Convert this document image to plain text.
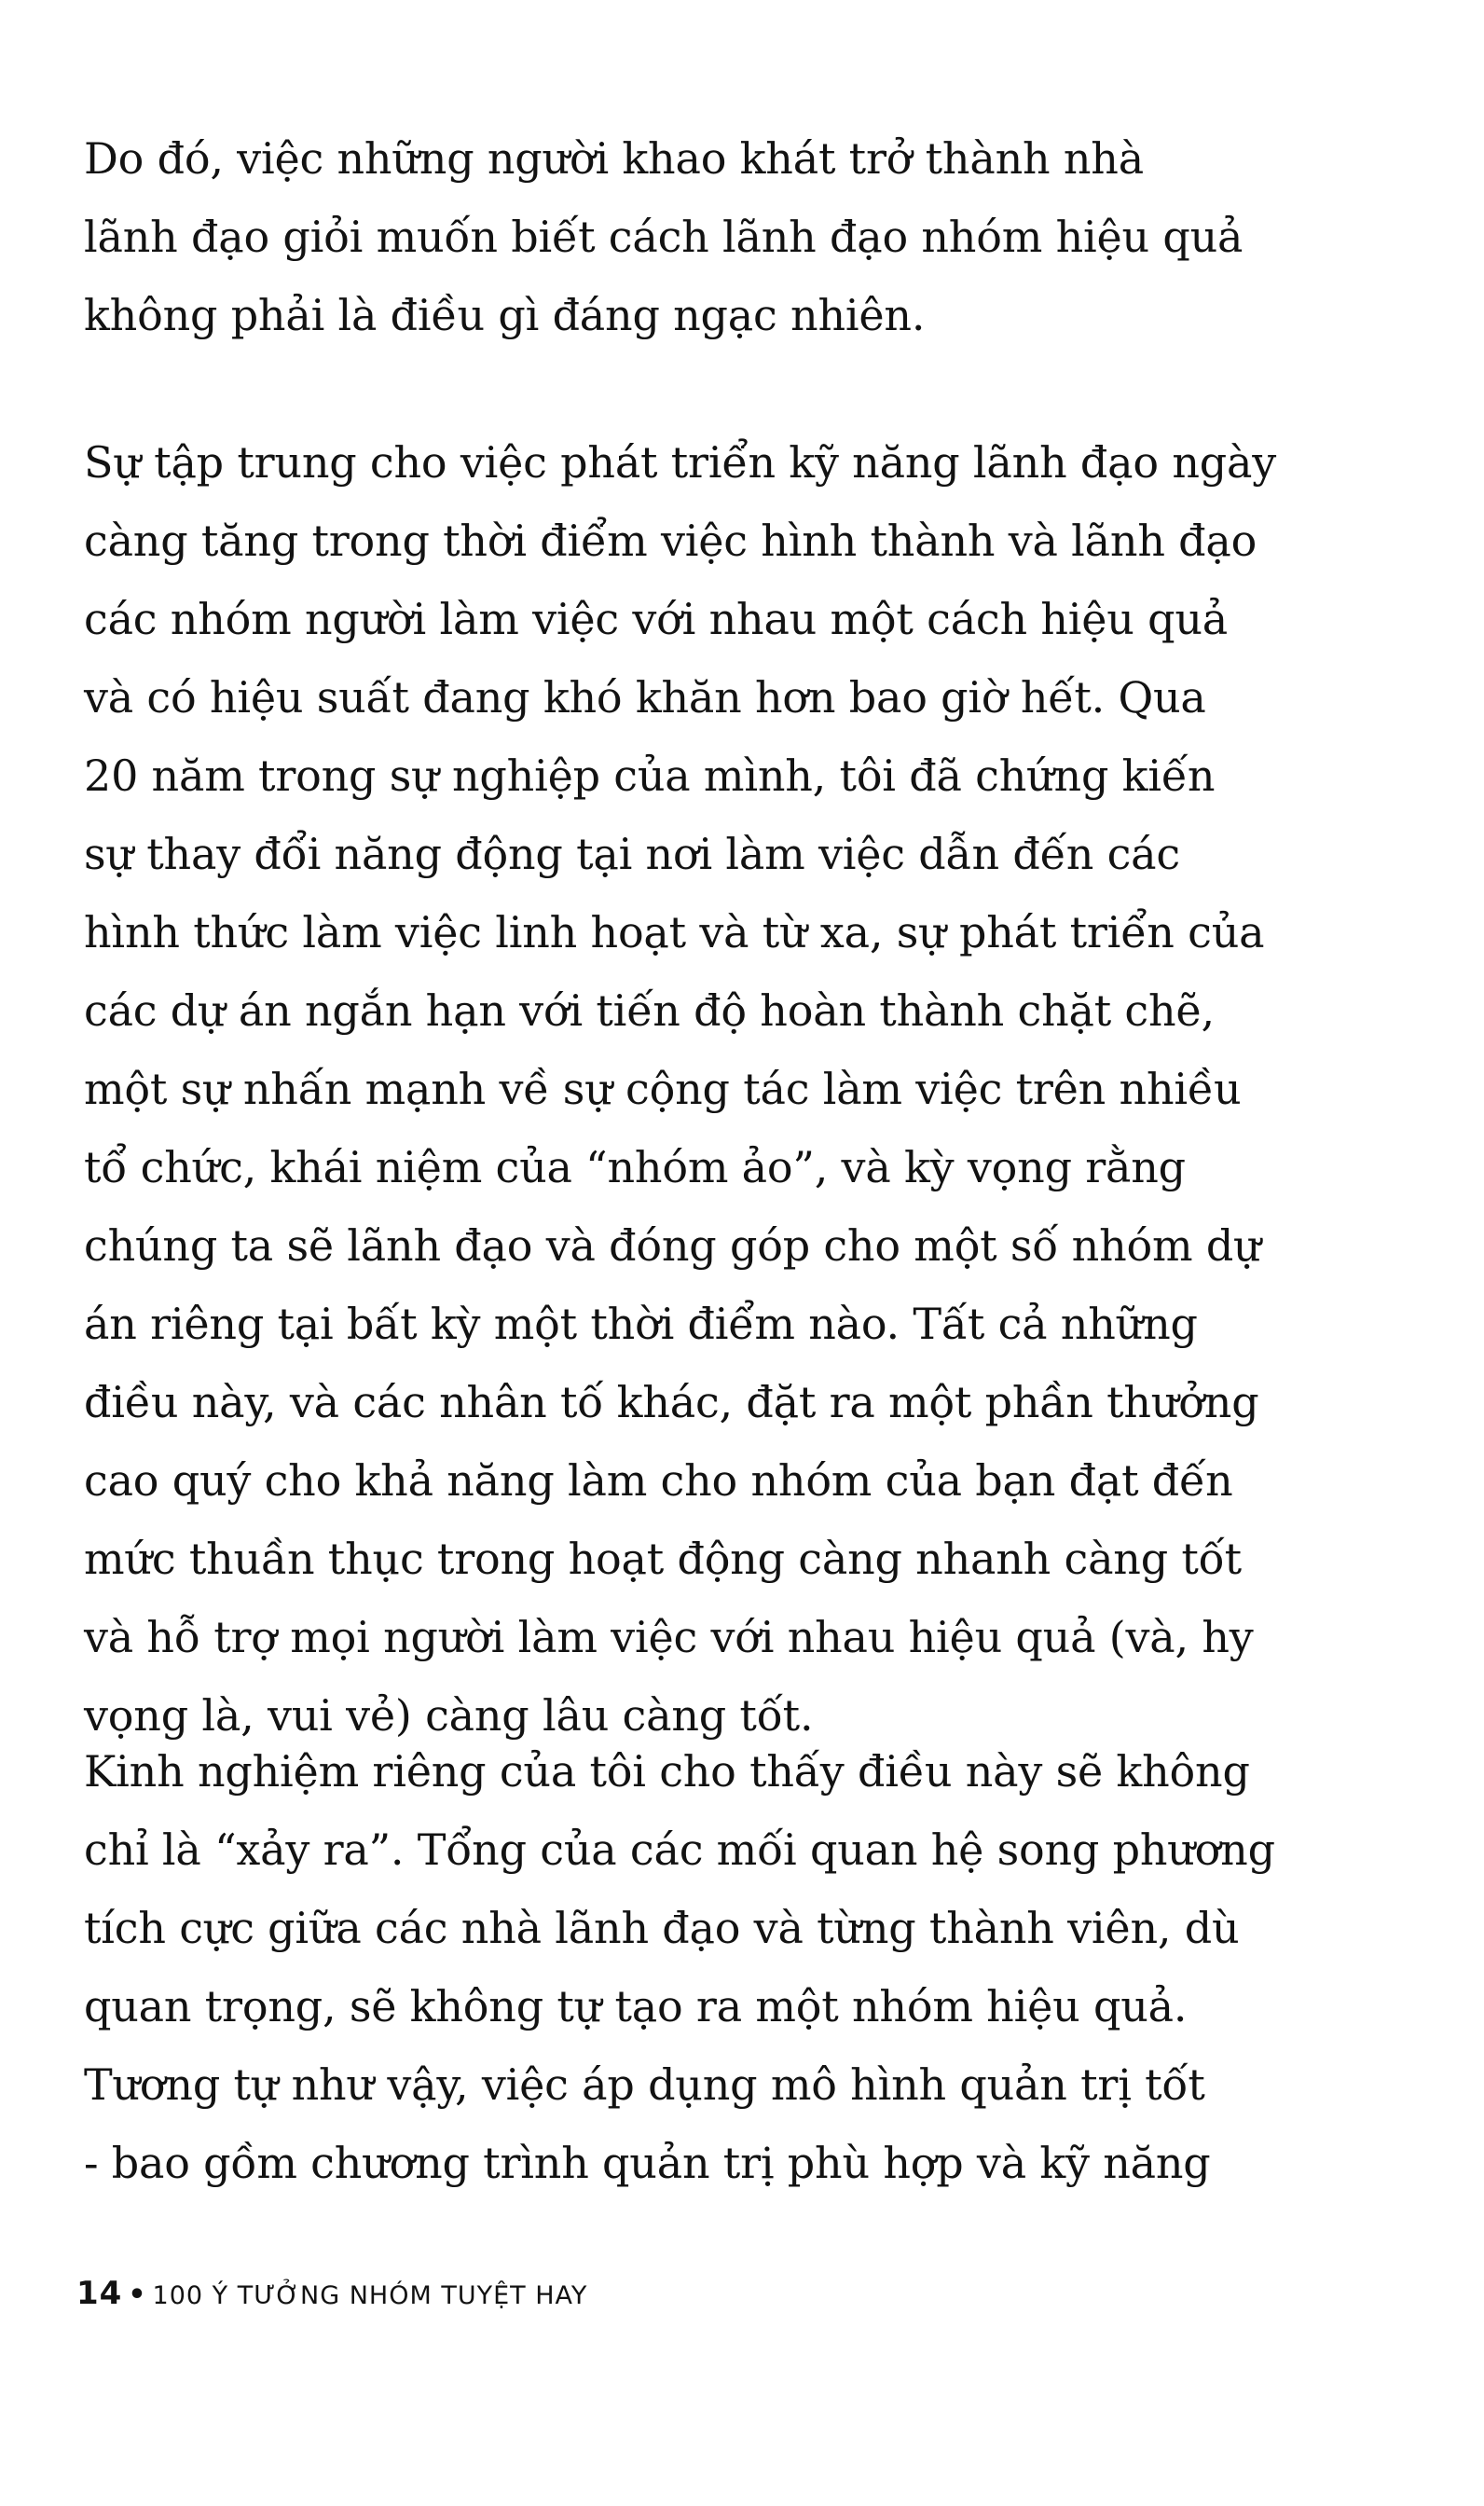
Do đó, việc những người khao khát trở thành nhà
lãnh đạo giỏi muốn biết cách lãnh đạo nhóm hiệu quả
không phải là điều gì đáng ngạc nhiên.

Sự tập trung cho việc phát triển kỹ năng lãnh đạo ngày
càng tăng trong thời điểm việc hình thành và lãnh đạo
các nhóm người làm việc với nhau một cách hiệu quả
và có hiệu suất đang khó khăn hơn bao giờ hết. Qua
20 năm trong sự nghiệp của mình, tôi đã chứng kiến
sự thay đổi năng động tại nơi làm việc dẫn đến các
hình thức làm việc linh hoạt và từ xa, sự phát triển của
các dự án ngắn hạn với tiến độ hoàn thành chặt chẽ,
một sự nhấn mạnh về sự cộng tác làm việc trên nhiều
tổ chức, khái niệm của “nhóm ảo”, và kỳ vọng rằng
chúng ta sẽ lãnh đạo và đóng góp cho một số nhóm dự
án riêng tại bất kỳ một thời điểm nào. Tất cả những
điều này, và các nhân tố khác, đặt ra một phần thưởng
cao quý cho khả năng làm cho nhóm của bạn đạt đến
mức thuần thục trong hoạt động càng nhanh càng tốt
và hỗ trợ mọi người làm việc với nhau hiệu quả (và, hy
vọng là, vui vẻ) càng lâu càng tốt.

Kinh nghiệm riêng của tôi cho thấy điều này sẽ không
chỉ là “xảy ra”. Tổng của các mối quan hệ song phương
tích cực giữa các nhà lãnh đạo và từng thành viên, dù
quan trọng, sẽ không tự tạo ra một nhóm hiệu quả.
Tương tự như vậy, việc áp dụng mô hình quản trị tốt
- bao gồm chương trình quản trị phù hợp và kỹ năng

14 • 100 Ý TƯỞNG NHÓM TUYỆT HAY
